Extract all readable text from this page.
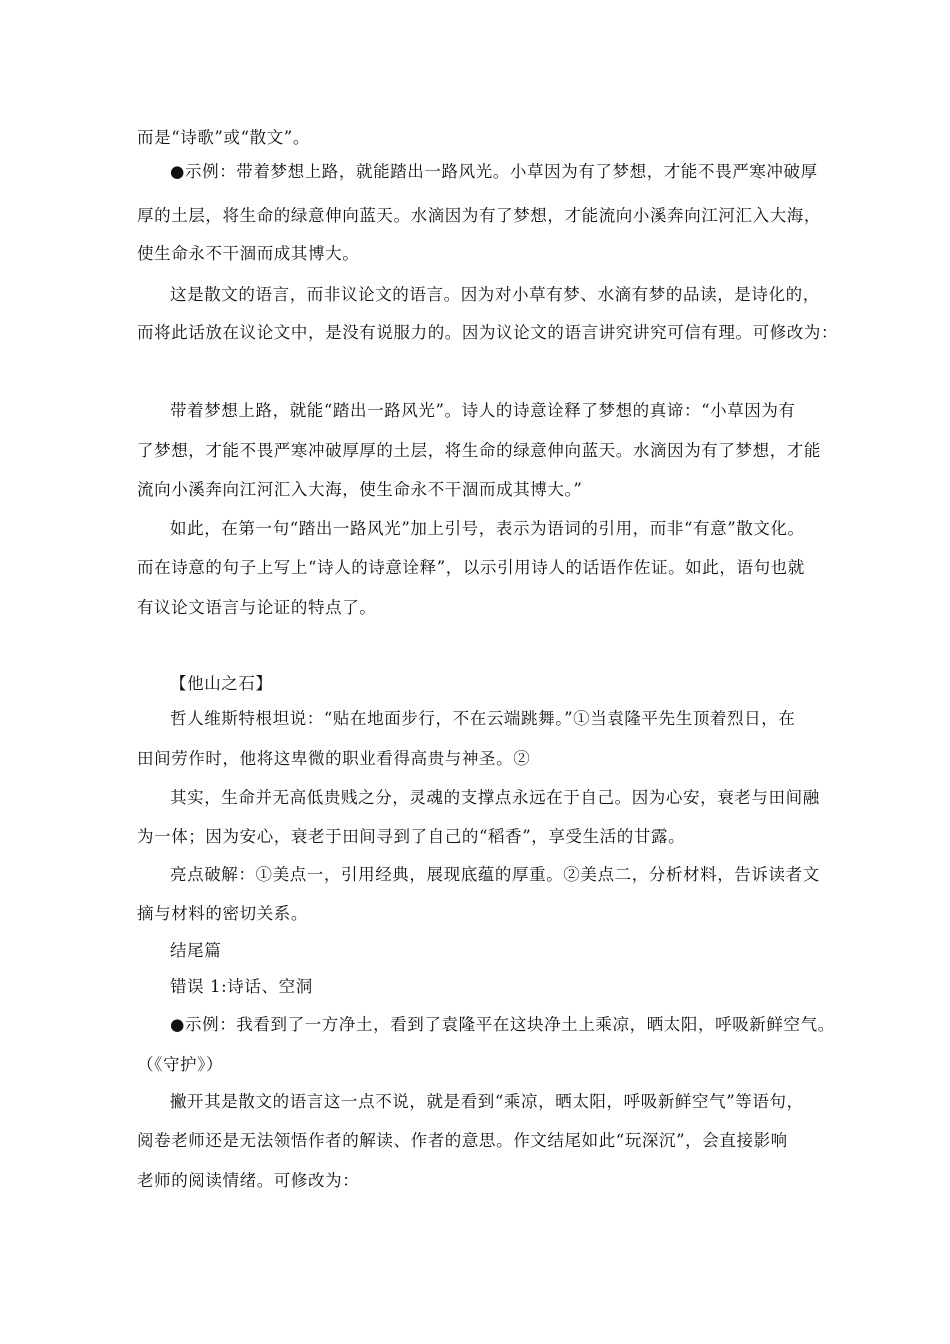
而是“诗歌”或“散文”。
●示例：带着梦想上路，就能踏出一路风光。小草因为有了梦想，才能不畏严寒冲破厚
厚的土层，将生命的绿意伸向蓝天。水滴因为有了梦想，才能流向小溪奔向江河汇入大海，
使生命永不干涸而成其博大。
这是散文的语言，而非议论文的语言。因为对小草有梦、水滴有梦的品读，是诗化的，
而将此话放在议论文中，是没有说服力的。因为议论文的语言讲究讲究可信有理。可修改为：
带着梦想上路，就能“踏出一路风光”。诗人的诗意诠释了梦想的真谛：“小草因为有
了梦想，才能不畏严寒冲破厚厚的土层，将生命的绿意伸向蓝天。水滴因为有了梦想，才能
流向小溪奔向江河汇入大海，使生命永不干涸而成其博大。”
如此，在第一句“踏出一路风光”加上引号，表示为语词的引用，而非“有意”散文化。
而在诗意的句子上写上“诗人的诗意诠释”，以示引用诗人的话语作佐证。如此，语句也就
有议论文语言与论证的特点了。
【他山之石】
哲人维斯特根坦说：“贴在地面步行，不在云端跳舞。”①当袁隆平先生顶着烈日，在
田间劳作时，他将这卑微的职业看得高贵与神圣。②
其实，生命并无高低贵贱之分，灵魂的支撑点永远在于自己。因为心安，衰老与田间融
为一体；因为安心，衰老于田间寻到了自己的“稻香”，享受生活的甘露。
亮点破解：①美点一，引用经典，展现底蕴的厚重。②美点二，分析材料，告诉读者文
摘与材料的密切关系。
结尾篇
错误 1:诗话、空洞
●示例：我看到了一方净土，看到了袁隆平在这块净土上乘凉，晒太阳，呼吸新鲜空气。
（《守护》）
撇开其是散文的语言这一点不说，就是看到“乘凉，晒太阳，呼吸新鲜空气”等语句，
阅卷老师还是无法领悟作者的解读、作者的意思。作文结尾如此“玩深沉”，会直接影响
老师的阅读情绪。可修改为：
